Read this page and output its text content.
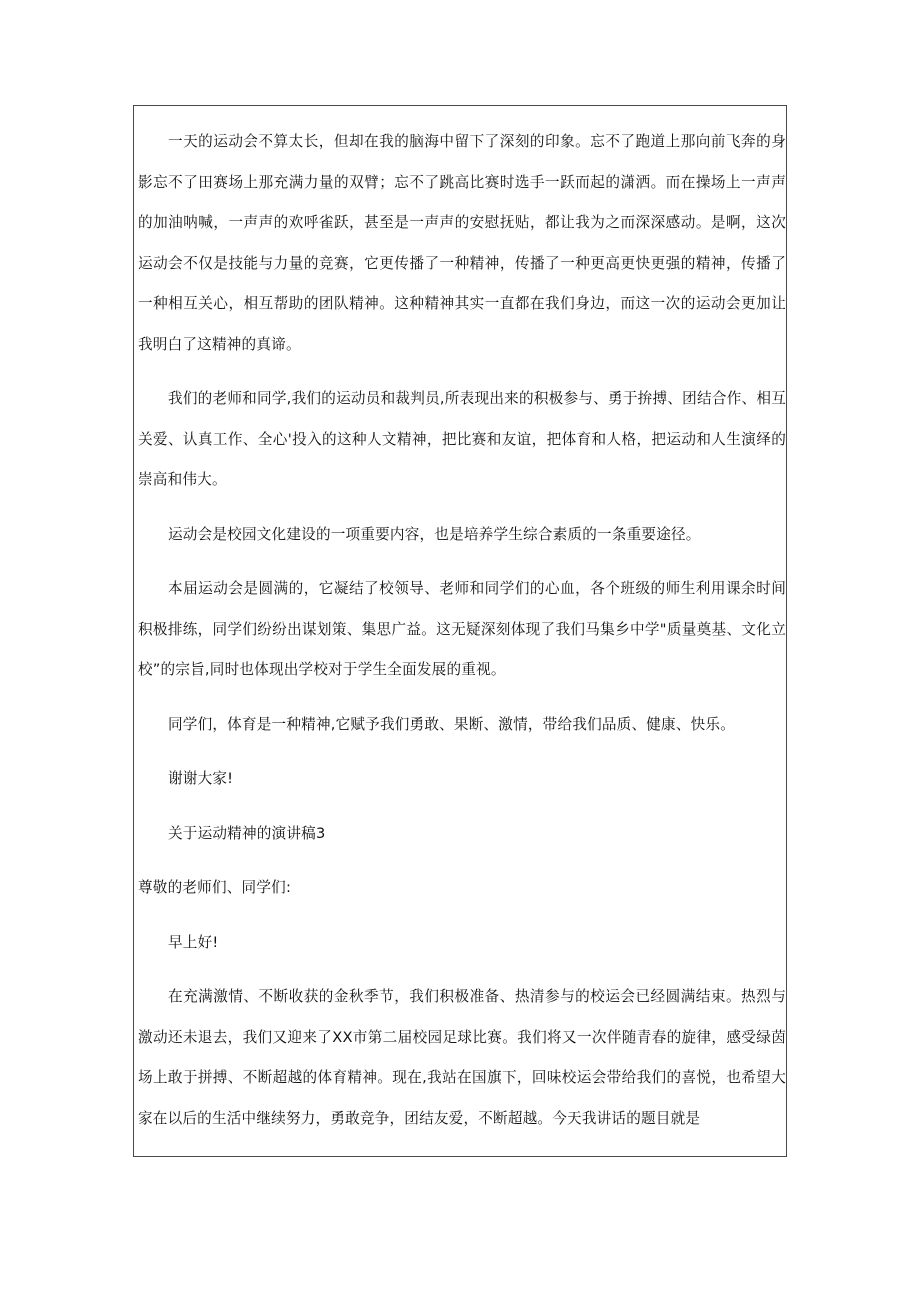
一天的运动会不算太长，但却在我的脑海中留下了深刻的印象。忘不了跑道上那向前飞奔的身影忘不了田赛场上那充满力量的双臂；忘不了跳高比赛时选手一跃而起的潇洒。而在操场上一声声的加油呐喊，一声声的欢呼雀跃，甚至是一声声的安慰抚贴，都让我为之而深深感动。是啊，这次运动会不仅是技能与力量的竞赛，它更传播了一种精神，传播了一种更高更快更强的精神，传播了一种相互关心，相互帮助的团队精神。这种精神其实一直都在我们身边，而这一次的运动会更加让我明白了这精神的真谛。

我们的老师和同学,我们的运动员和裁判员,所表现出来的积极参与、勇于拚搏、团结合作、相互关爱、认真工作、全心'投入的这种人文精神，把比赛和友谊，把体育和人格，把运动和人生演绎的崇高和伟大。

运动会是校园文化建设的一项重要内容，也是培养学生综合素质的一条重要途径。

本届运动会是圆满的，它凝结了校领导、老师和同学们的心血，各个班级的师生利用课余时间积极排练，同学们纷纷出谋划策、集思广益。这无疑深刻体现了我们马集乡中学"质量奠基、文化立校”的宗旨,同时也体现出学校对于学生全面发展的重视。

同学们，体育是一种精神,它赋予我们勇敢、果断、激情，带给我们品质、健康、快乐。

谢谢大家!

关于运动精神的演讲稿3

尊敬的老师们、同学们:

早上好!

在充满激情、不断收获的金秋季节，我们积极准备、热清参与的校运会已经圆满结束。热烈与激动还未退去，我们又迎来了XX市第二届校园足球比赛。我们将又一次伴随青春的旋律，感受绿茵场上敢于拼搏、不断超越的体育精神。现在,我站在国旗下，回味校运会带给我们的喜悦，也希望大家在以后的生活中继续努力，勇敢竞争，团结友爱，不断超越。今天我讲话的题目就是
